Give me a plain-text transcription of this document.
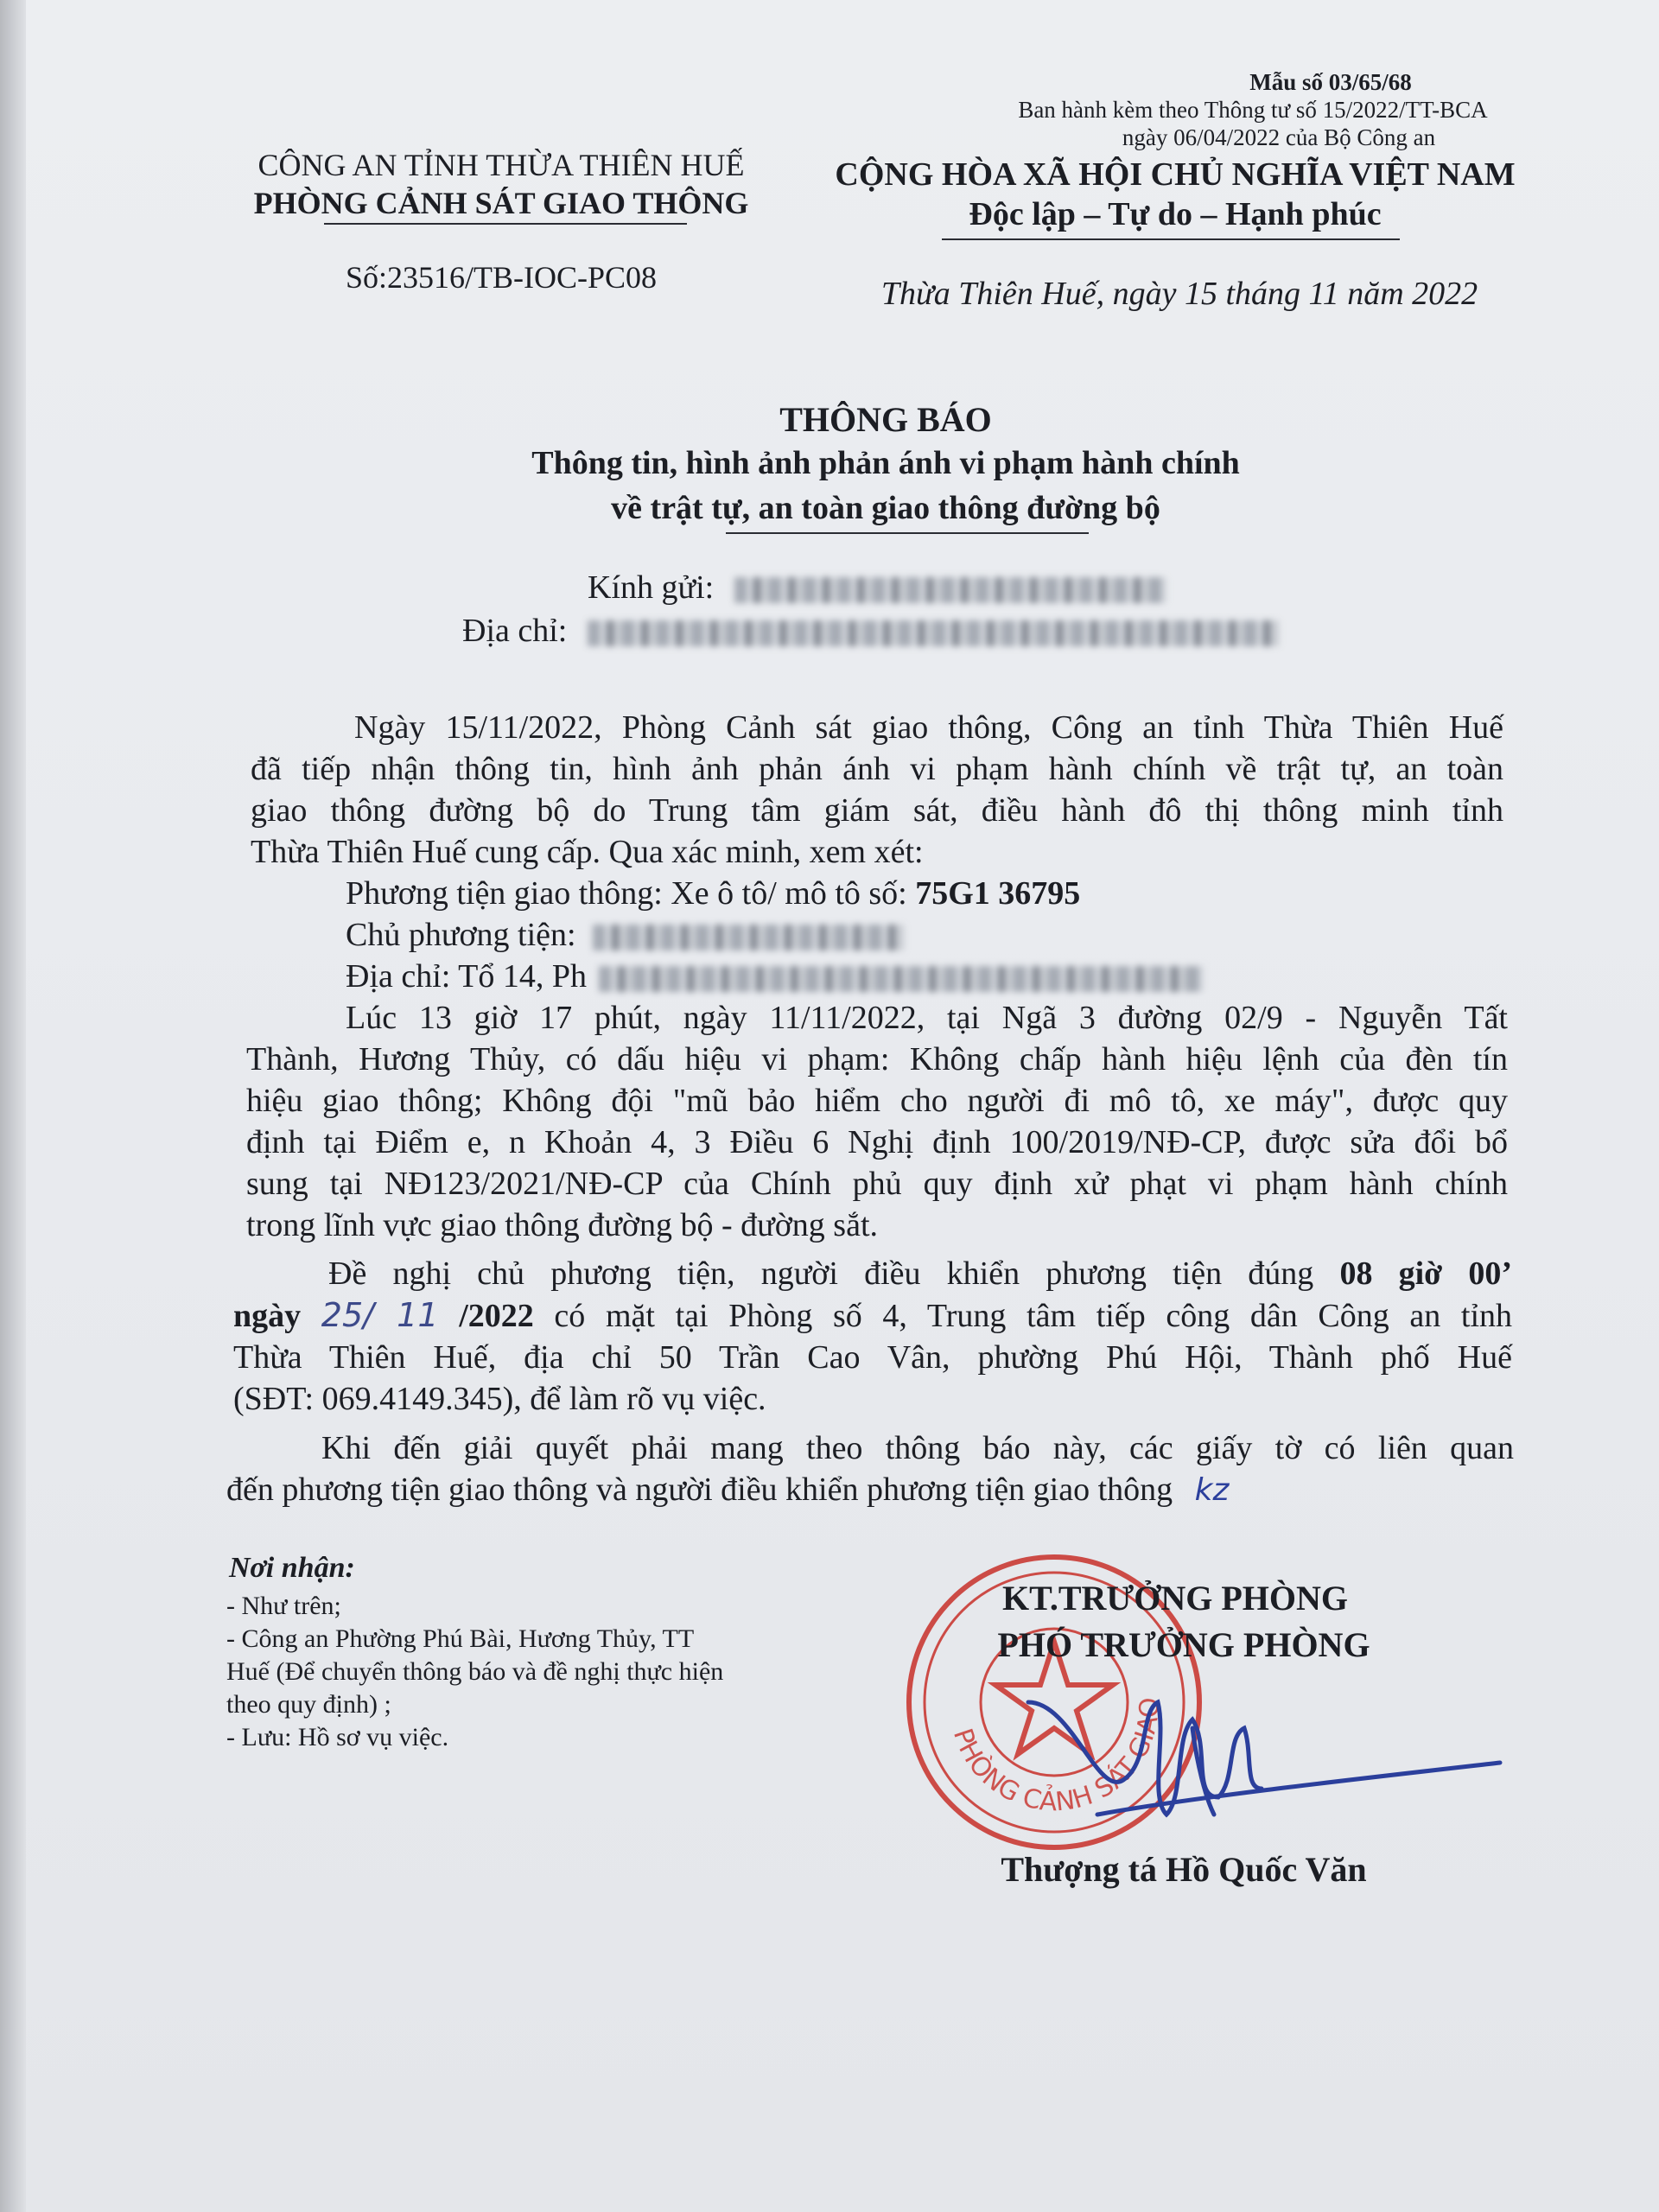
Mẫu số 03/65/68
Ban hành kèm theo Thông tư số 15/2022/TT-BCA
ngày 06/04/2022 của Bộ Công an
CÔNG AN TỈNH THỪA THIÊN HUẾ
PHÒNG CẢNH SÁT GIAO THÔNG
Số:23516/TB-IOC-PC08
CỘNG HÒA XÃ HỘI CHỦ NGHĨA VIỆT NAM
Độc lập – Tự do – Hạnh phúc
Thừa Thiên Huế, ngày 15 tháng 11 năm 2022
THÔNG BÁO
Thông tin, hình ảnh phản ánh vi phạm hành chính
về trật tự, an toàn giao thông đường bộ
Kính gửi:
Địa chỉ:
Ngày 15/11/2022, Phòng Cảnh sát giao thông, Công an tỉnh Thừa Thiên Huế
đã tiếp nhận thông tin, hình ảnh phản ánh vi phạm hành chính về trật tự, an toàn
giao thông đường bộ do Trung tâm giám sát, điều hành đô thị thông minh tỉnh
Thừa Thiên Huế cung cấp. Qua xác minh, xem xét:
Phương tiện giao thông: Xe ô tô/ mô tô số: 75G1 36795
Chủ phương tiện:
Địa chỉ: Tổ 14, Ph
Lúc 13 giờ 17 phút, ngày 11/11/2022, tại Ngã 3 đường 02/9 - Nguyễn Tất
Thành, Hương Thủy, có dấu hiệu vi phạm: Không chấp hành hiệu lệnh của đèn tín
hiệu giao thông; Không đội "mũ bảo hiểm cho người đi mô tô, xe máy", được quy
định tại Điểm e, n Khoản 4, 3 Điều 6 Nghị định 100/2019/NĐ-CP, được sửa đổi bổ
sung tại NĐ123/2021/NĐ-CP của Chính phủ quy định xử phạt vi phạm hành chính
trong lĩnh vực giao thông đường bộ - đường sắt.
Đề nghị chủ phương tiện, người điều khiển phương tiện đúng 08 giờ 00’
ngày 25/ 11 /2022 có mặt tại Phòng số 4, Trung tâm tiếp công dân Công an tỉnh
Thừa Thiên Huế, địa chỉ 50 Trần Cao Vân, phường Phú Hội, Thành phố Huế
(SĐT: 069.4149.345), để làm rõ vụ việc.
Khi đến giải quyết phải mang theo thông báo này, các giấy tờ có liên quan
đến phương tiện giao thông và người điều khiển phương tiện giao thông kz
Nơi nhận:
- Như trên;
- Công an Phường Phú Bài, Hương Thủy, TT
Huế (Để chuyển thông báo và đề nghị thực hiện
theo quy định) ;
- Lưu: Hồ sơ vụ việc.	PHÒNG CẢNH SÁT GIAO
KT.TRƯỞNG PHÒNG
PHÓ TRƯỞNG PHÒNG
Thượng tá Hồ Quốc Văn
